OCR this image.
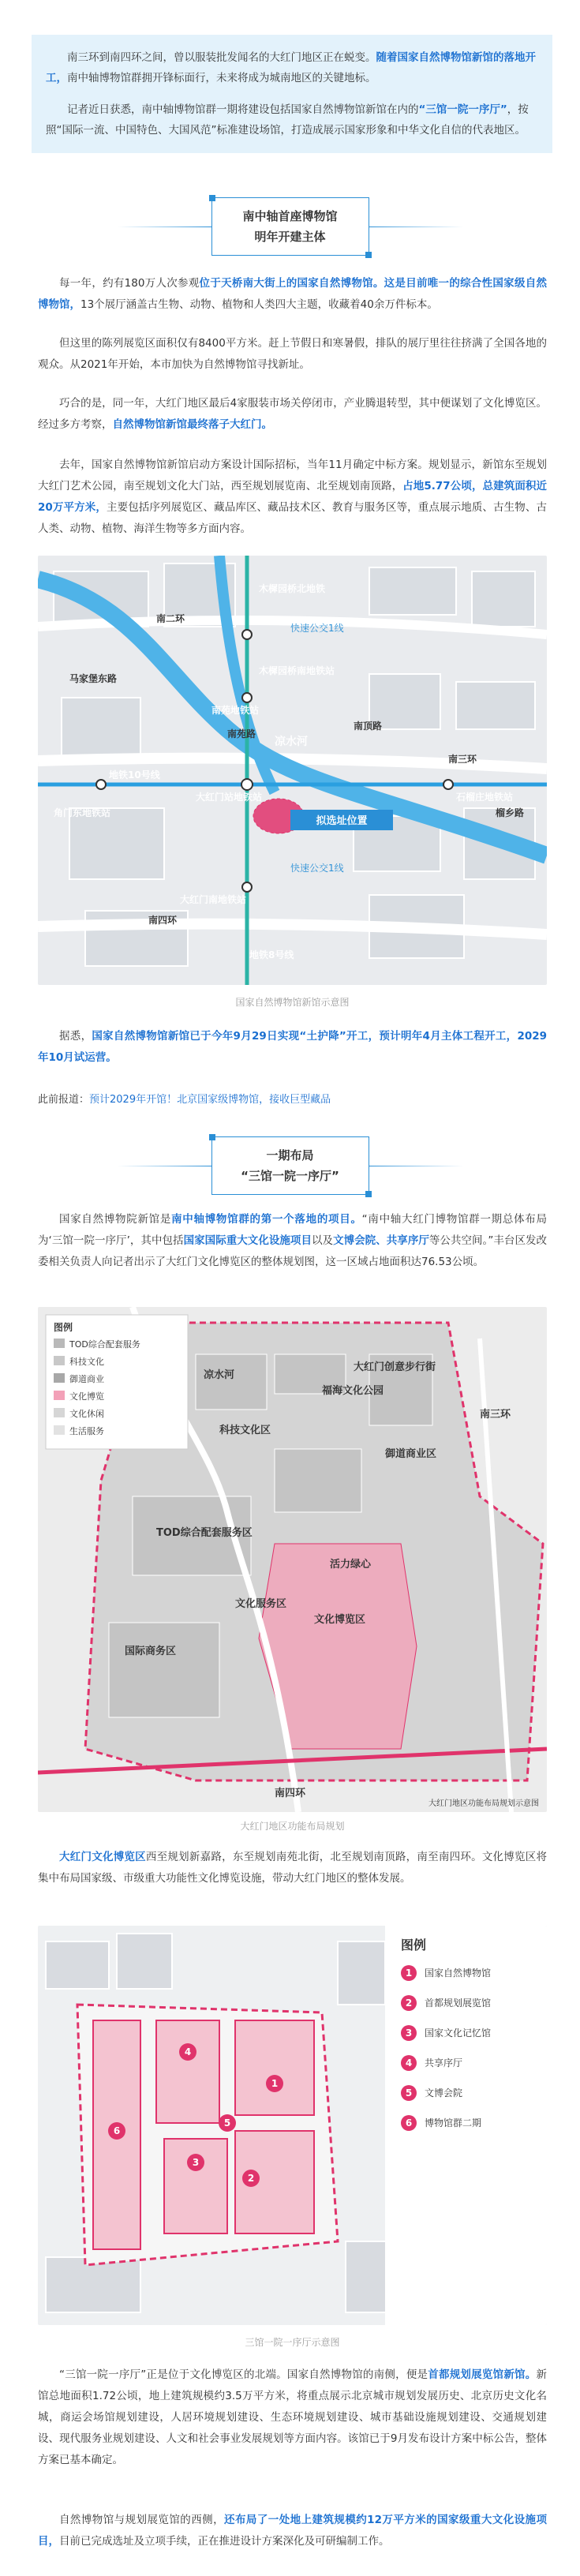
南三环到南四环之间，曾以服装批发闻名的大红门地区正在蜕变。随着国家自然博物馆新馆的落地开工，南中轴博物馆群拥开锋标面行，未来将成为城南地区的关键地标。

记者近日获悉，南中轴博物馆群一期将建设包括国家自然博物馆新馆在内的“三馆一院一序厅”，按照“国际一流、中国特色、大国风范”标准建设场馆，打造成展示国家形象和中华文化自信的代表地区。

南中轴首座博物馆
明年开建主体

每一年，约有180万人次参观位于天桥南大街上的国家自然博物馆。这是目前唯一的综合性国家级自然博物馆，13个展厅涵盖古生物、动物、植物和人类四大主题，收藏着40余万件标本。

但这里的陈列展览区面积仅有8400平方米。赶上节假日和寒暑假，排队的展厅里往往挤满了全国各地的观众。从2021年开始，本市加快为自然博物馆寻找新址。

巧合的是，同一年，大红门地区最后4家服装市场关停闭市，产业腾退转型，其中便谋划了文化博览区。经过多方考察，自然博物馆新馆最终落子大红门。

去年，国家自然博物馆新馆启动方案设计国际招标，当年11月确定中标方案。规划显示，新馆东至规划大红门艺术公园，南至规划文化大门站，西至规划展览南、北至规划南顶路，占地5.77公顷，总建筑面积近20万平方米，主要包括序列展览区、藏品库区、藏品技术区、教育与服务区等，重点展示地质、古生物、古人类、动物、植物、海洋生物等多方面内容。

拟选址位置
南二环
南三环
南四环
凉水河
地铁10号线
地铁8号线
大红门站地铁站
大红门南地铁站
石榴庄地铁站
南苑地铁站
角门东地铁站
木樨园桥北地铁
木樨园桥南地铁站
快速公交1线
快速公交1线
马家堡东路
南苑路
榴乡路
南顶路
国家自然博物馆新馆示意图

据悉，国家自然博物馆新馆已于今年9月29日实现“土护降”开工，预计明年4月主体工程开工，2029年10月试运营。

此前报道：预计2029年开馆！北京国家级博物馆，接收巨型藏品
一期布局
“三馆一院一序厅”

国家自然博物院新馆是南中轴博物馆群的第一个落地的项目。“南中轴大红门博物馆群一期总体布局为‘三馆一院一序厅’，其中包括国家国际重大文化设施项目以及文博会院、共享序厅等公共空间。”丰台区发改委相关负责人向记者出示了大红门文化博览区的整体规划图，这一区域占地面积达76.53公顷。

图例
TOD综合配套服务
科技文化
御道商业
文化博览
文化休闲
生活服务
凉水河
南三环
南四环
科技文化区
大红门创意步行街
御道商业区
福海文化公园
TOD综合配套服务区
活力绿心
国际商务区
文化博览区
文化服务区
大红门地区功能布局规划示意图
大红门地区功能布局规划

大红门文化博览区西至规划新嘉路，东至规划南苑北街，北至规划南顶路，南至南四环。文化博览区将集中布局国家级、市级重大功能性文化博览设施，带动大红门地区的整体发展。

1
2
3
4
5
6
图例
1 国家自然博物馆
2 首都规划展览馆
3 国家文化记忆馆
4 共享序厅
5 文博会院
6 博物馆群二期
三馆一院一序厅示意图

“三馆一院一序厅”正是位于文化博览区的北端。国家自然博物馆的南侧，便是首都规划展览馆新馆。新馆总地面积1.72公顷，地上建筑规模约3.5万平方米，将重点展示北京城市规划发展历史、北京历史文化名城，商运会场馆规划建设，人居环境规划建设、生态环境规划建设、城市基础设施规划建设、交通规划建设、现代服务业规划建设、人文和社会事业发展规划等方面内容。该馆已于9月发布设计方案中标公告，整体方案已基本确定。

自然博物馆与规划展览馆的西侧，还布局了一处地上建筑规模约12万平方米的国家级重大文化设施项目，目前已完成选址及立项手续，正在推进设计方案深化及可研编制工作。
